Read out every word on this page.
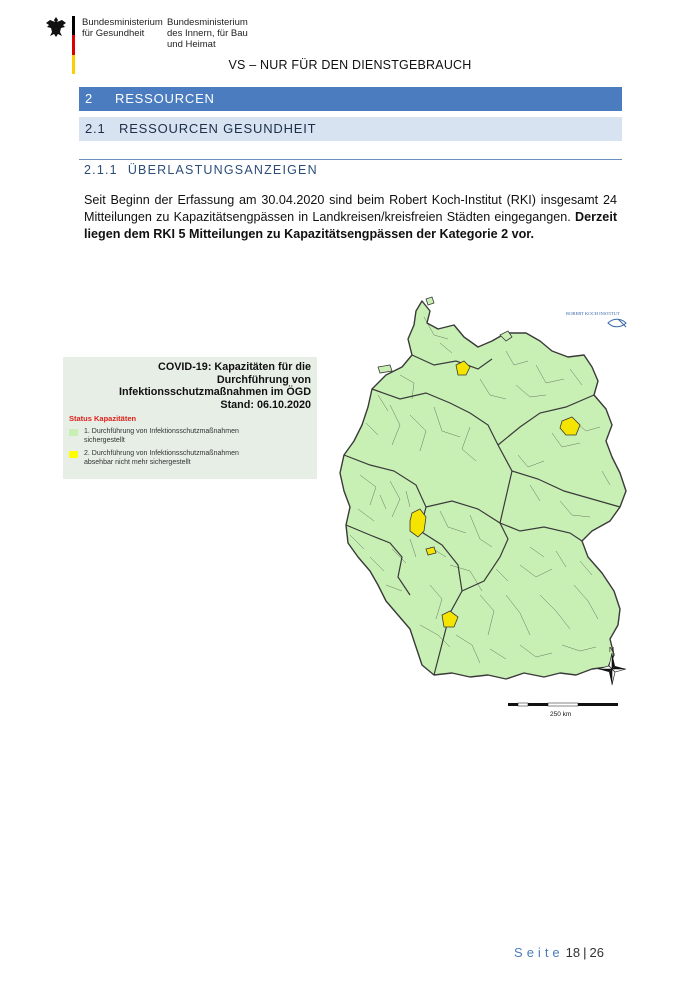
Bundesministerium
für Gesundheit
Bundesministerium
des Innern, für Bau
und Heimat
VS – NUR FÜR DEN DIENSTGEBRAUCH
2 RESSOURCEN
2.1 RESSOURCEN GESUNDHEIT
2.1.1 ÜBERLASTUNGSANZEIGEN
Seit Beginn der Erfassung am 30.04.2020 sind beim Robert Koch-Institut (RKI) insgesamt 24 Mitteilungen zu Kapazitätsengpässen in Landkreisen/kreisfreien Städten eingegangen. Derzeit liegen dem RKI 5 Mitteilungen zu Kapazitätsengpässen der Kategorie 2 vor.
COVID-19: Kapazitäten für die
Durchführung von
Infektionsschutzmaßnahmen im ÖGD
Stand: 06.10.2020
Status Kapazitäten
1. Durchführung von Infektionsschutzmaßnahmen
sichergestellt
2. Durchführung von Infektionsschutzmaßnahmen
absehbar nicht mehr sichergestellt
ROBERT KOCH INSTITUT
N
250 km
Seite 18 | 26
